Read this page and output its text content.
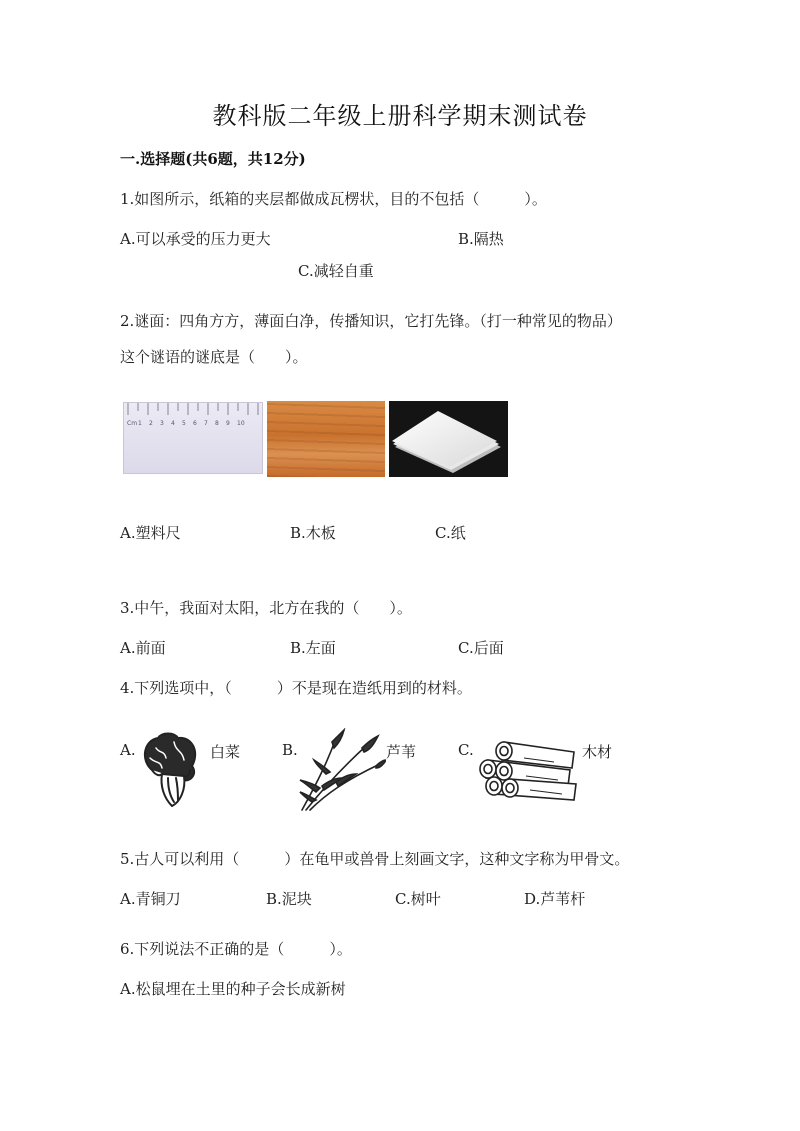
教科版二年级上册科学期末测试卷
一.选择题(共6题，共12分)
1.如图所示，纸箱的夹层都做成瓦楞状，目的不包括（　　　）。
A.可以承受的压力更大	B.隔热
C.减轻自重
2.谜面：四角方方，薄面白净，传播知识，它打先锋。（打一种常见的物品）
这个谜语的谜底是（　　）。
Cm1 2 3 4 5 6 7 8 9 10
A.塑料尺	B.木板	C.纸
3.中午，我面对太阳，北方在我的（　　）。
A.前面	B.左面	C.后面
4.下列选项中，（　　　）不是现在造纸用到的材料。
A.	白菜	B.	芦苇	C.	木材
5.古人可以利用（　　　）在龟甲或兽骨上刻画文字，这种文字称为甲骨文。
A.青铜刀	B.泥块	C.树叶	D.芦苇杆
6.下列说法不正确的是（　　　）。
A.松鼠埋在土里的种子会长成新树
